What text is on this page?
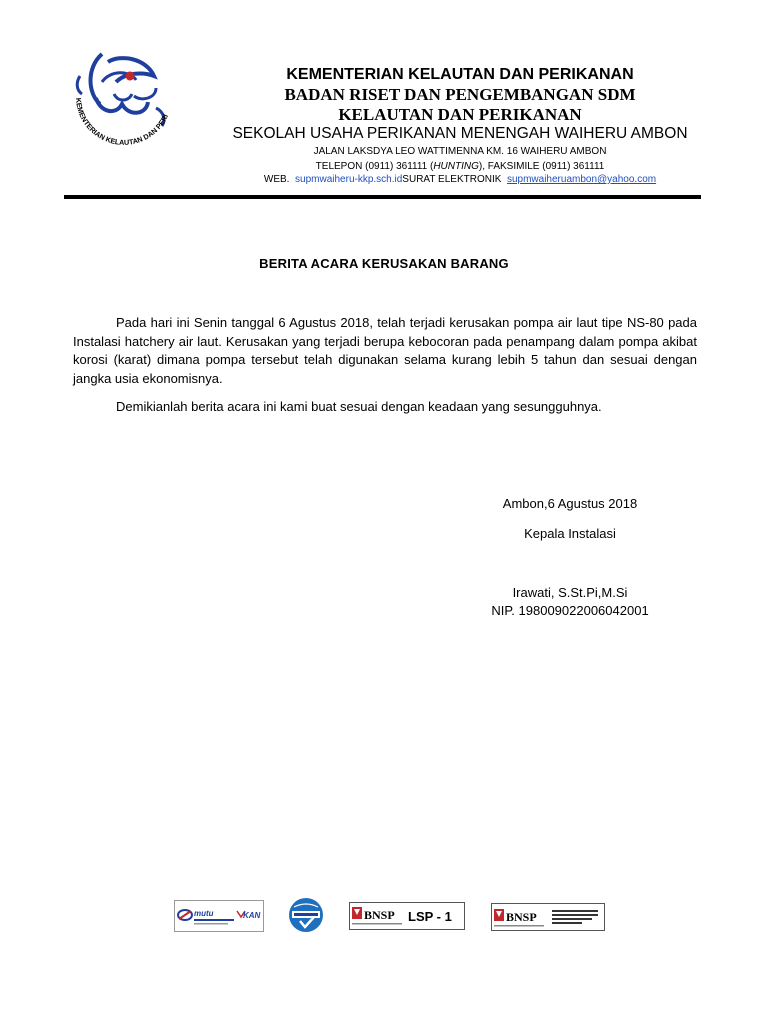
KEMENTERIAN KELAUTAN DAN PERI
KEMENTERIAN KELAUTAN DAN PERIKANAN
BADAN RISET DAN PENGEMBANGAN SDM
KELAUTAN DAN PERIKANAN
SEKOLAH USAHA PERIKANAN MENENGAH WAIHERU AMBON
JALAN LAKSDYA LEO WATTIMENNA KM. 16 WAIHERU AMBON
TELEPON (0911) 361111 (HUNTING), FAKSIMILE (0911) 361111
WEB. supmwaiheru-kkp.sch.idSURAT ELEKTRONIK supmwaiheruambon@yahoo.com
BERITA ACARA KERUSAKAN BARANG
Pada hari ini Senin tanggal 6 Agustus 2018, telah terjadi kerusakan pompa air laut tipe NS-80 pada Instalasi hatchery air laut. Kerusakan yang terjadi berupa kebocoran pada penampang dalam pompa akibat korosi (karat) dimana pompa tersebut telah digunakan selama kurang lebih 5 tahun dan sesuai dengan jangka usia ekonomisnya.
Demikianlah berita acara ini kami buat sesuai dengan keadaan yang sesungguhnya.
Ambon,6 Agustus 2018
Kepala Instalasi
Irawati, S.St.Pi,M.Si
NIP. 198009022006042001
mutu	KAN	BNSP LSP - 1	BNSP
